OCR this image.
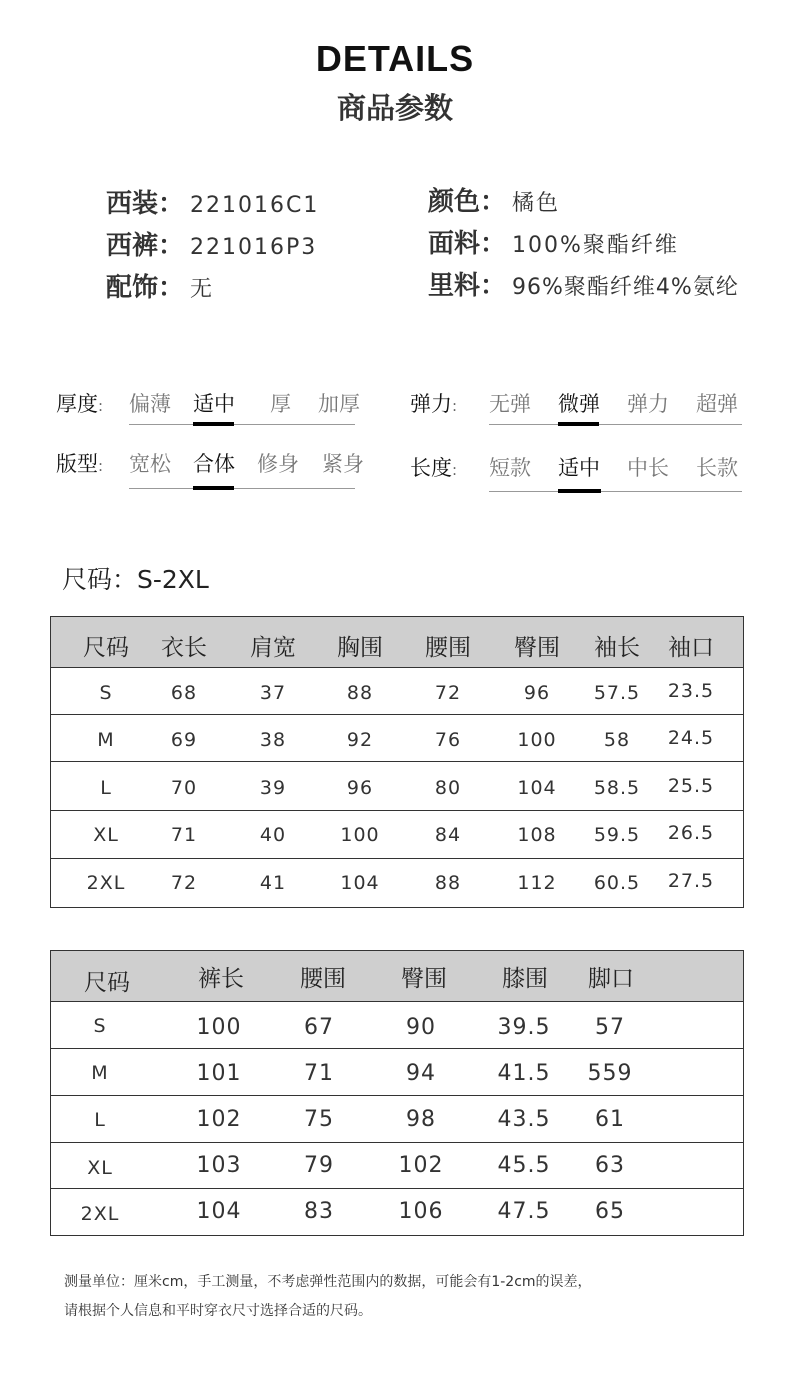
DETAILS
商品参数
西装： 221016C1
西裤： 221016P3
配饰： 无
颜色： 橘色
面料： 100%聚酯纤维
里料： 96%聚酯纤维4%氨纶
厚度: 偏薄 适中 厚 加厚 弹力: 无弹 微弹 弹力 超弹
版型: 宽松 合体 修身 紧身 长度: 短款 适中 中长 长款
尺码：S-2XL
尺码 衣长 肩宽 胸围 腰围 臀围 袖长 袖口
S	68	37	88	72	96 57.5 23.5
M	69	38	92	76	100 58 24.5
L	70	39	96	80	104 58.5 25.5
XL	71	40	100	84	108 59.5 26.5
2XL 72	41	104	88	112 60.5 27.5
尺码	裤长 腰围 臀围 膝围 脚口
S	100	67	90	39.5 57
M	101	71	94	41.5 559
L	102	75	98	43.5 61
XL	103	79	102 45.5 63
2XL	104	83	106 47.5 65
测量单位：厘米cm，手工测量，不考虑弹性范围内的数据，可能会有1-2cm的误差，
请根据个人信息和平时穿衣尺寸选择合适的尺码。
